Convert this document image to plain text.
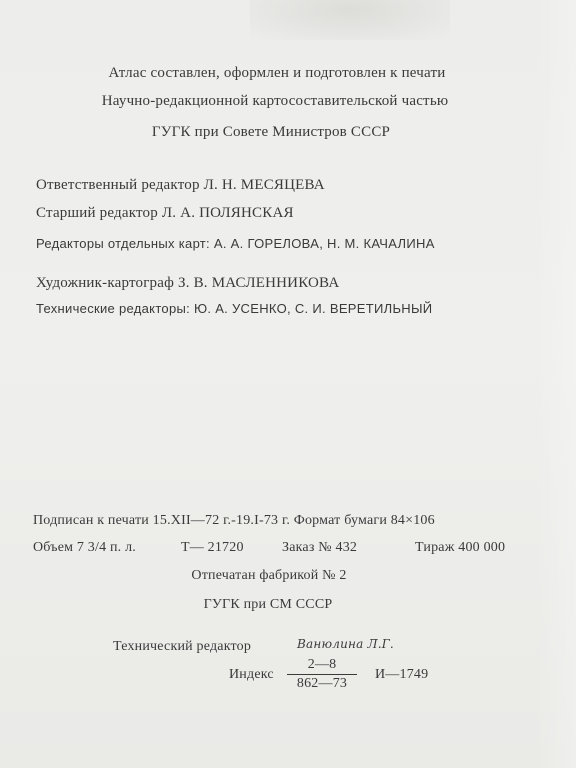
Атлас составлен, оформлен и подготовлен к печати

Научно-редакционной картосоставительской частью

ГУГК при Совете Министров СССР

Ответственный редактор Л. Н. МЕСЯЦЕВА

Старший редактор Л. А. ПОЛЯНСКАЯ

Редакторы отдельных карт: А. А. ГОРЕЛОВА, Н. М. КАЧАЛИНА

Художник-картограф З. В. МАСЛЕННИКОВА

Технические редакторы: Ю. А. УСЕНКО, С. И. ВЕРЕТИЛЬНЫЙ

Подписан к печати 15.XII—72 г.-19.I-73 г. Формат бумаги 84×106

Объем 7 3/4 п. л.	Т— 21720	Заказ № 432	Тираж 400 000

Отпечатан фабрикой № 2

ГУГК при СМ СССР

Технический редактор	Ванюлина Л.Г.

Индекс $\frac{2—8}{862—73}$ И—1749
